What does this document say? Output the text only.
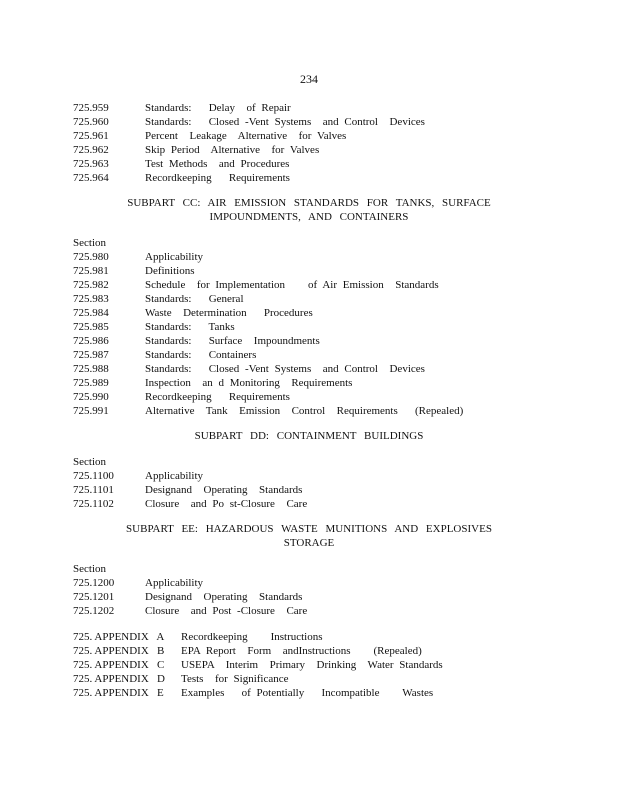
234
725.959	Standards:   Delay  of Repair
725.960	Standards:   Closed -Vent Systems  and Control  Devices
725.961	Percent  Leakage  Alternative  for Valves
725.962	Skip Period  Alternative  for Valves
725.963	Test Methods  and Procedures
725.964	Recordkeeping   Requirements
SUBPART CC: AIR EMISSION STANDARDS FOR TANKS, SURFACE
IMPOUNDMENTS, AND CONTAINERS
Section
725.980	Applicability
725.981	Definitions
725.982	Schedule  for Implementation    of Air Emission  Standards
725.983	Standards:   General
725.984	Waste  Determination   Procedures
725.985	Standards:   Tanks
725.986	Standards:   Surface  Impoundments
725.987	Standards:   Containers
725.988	Standards:   Closed -Vent Systems  and Control  Devices
725.989	Inspection  an d Monitoring  Requirements
725.990	Recordkeeping   Requirements
725.991	Alternative  Tank  Emission  Control  Requirements   (Repealed)
SUBPART DD: CONTAINMENT BUILDINGS
Section
725.1100	Applicability
725.1101	Designand  Operating  Standards
725.1102	Closure  and Po st-Closure  Care
SUBPART EE: HAZARDOUS WASTE MUNITIONS AND EXPLOSIVES
STORAGE
Section
725.1200	Applicability
725.1201	Designand  Operating  Standards
725.1202	Closure  and Post -Closure  Care
725. APPENDIX   A Recordkeeping    Instructions
725. APPENDIX   B EPA Report  Form  andInstructions    (Repealed)
725. APPENDIX   C USEPA  Interim  Primary  Drinking  Water Standards
725. APPENDIX   D Tests  for Significance
725. APPENDIX   E Examples   of Potentially   Incompatible    Wastes
